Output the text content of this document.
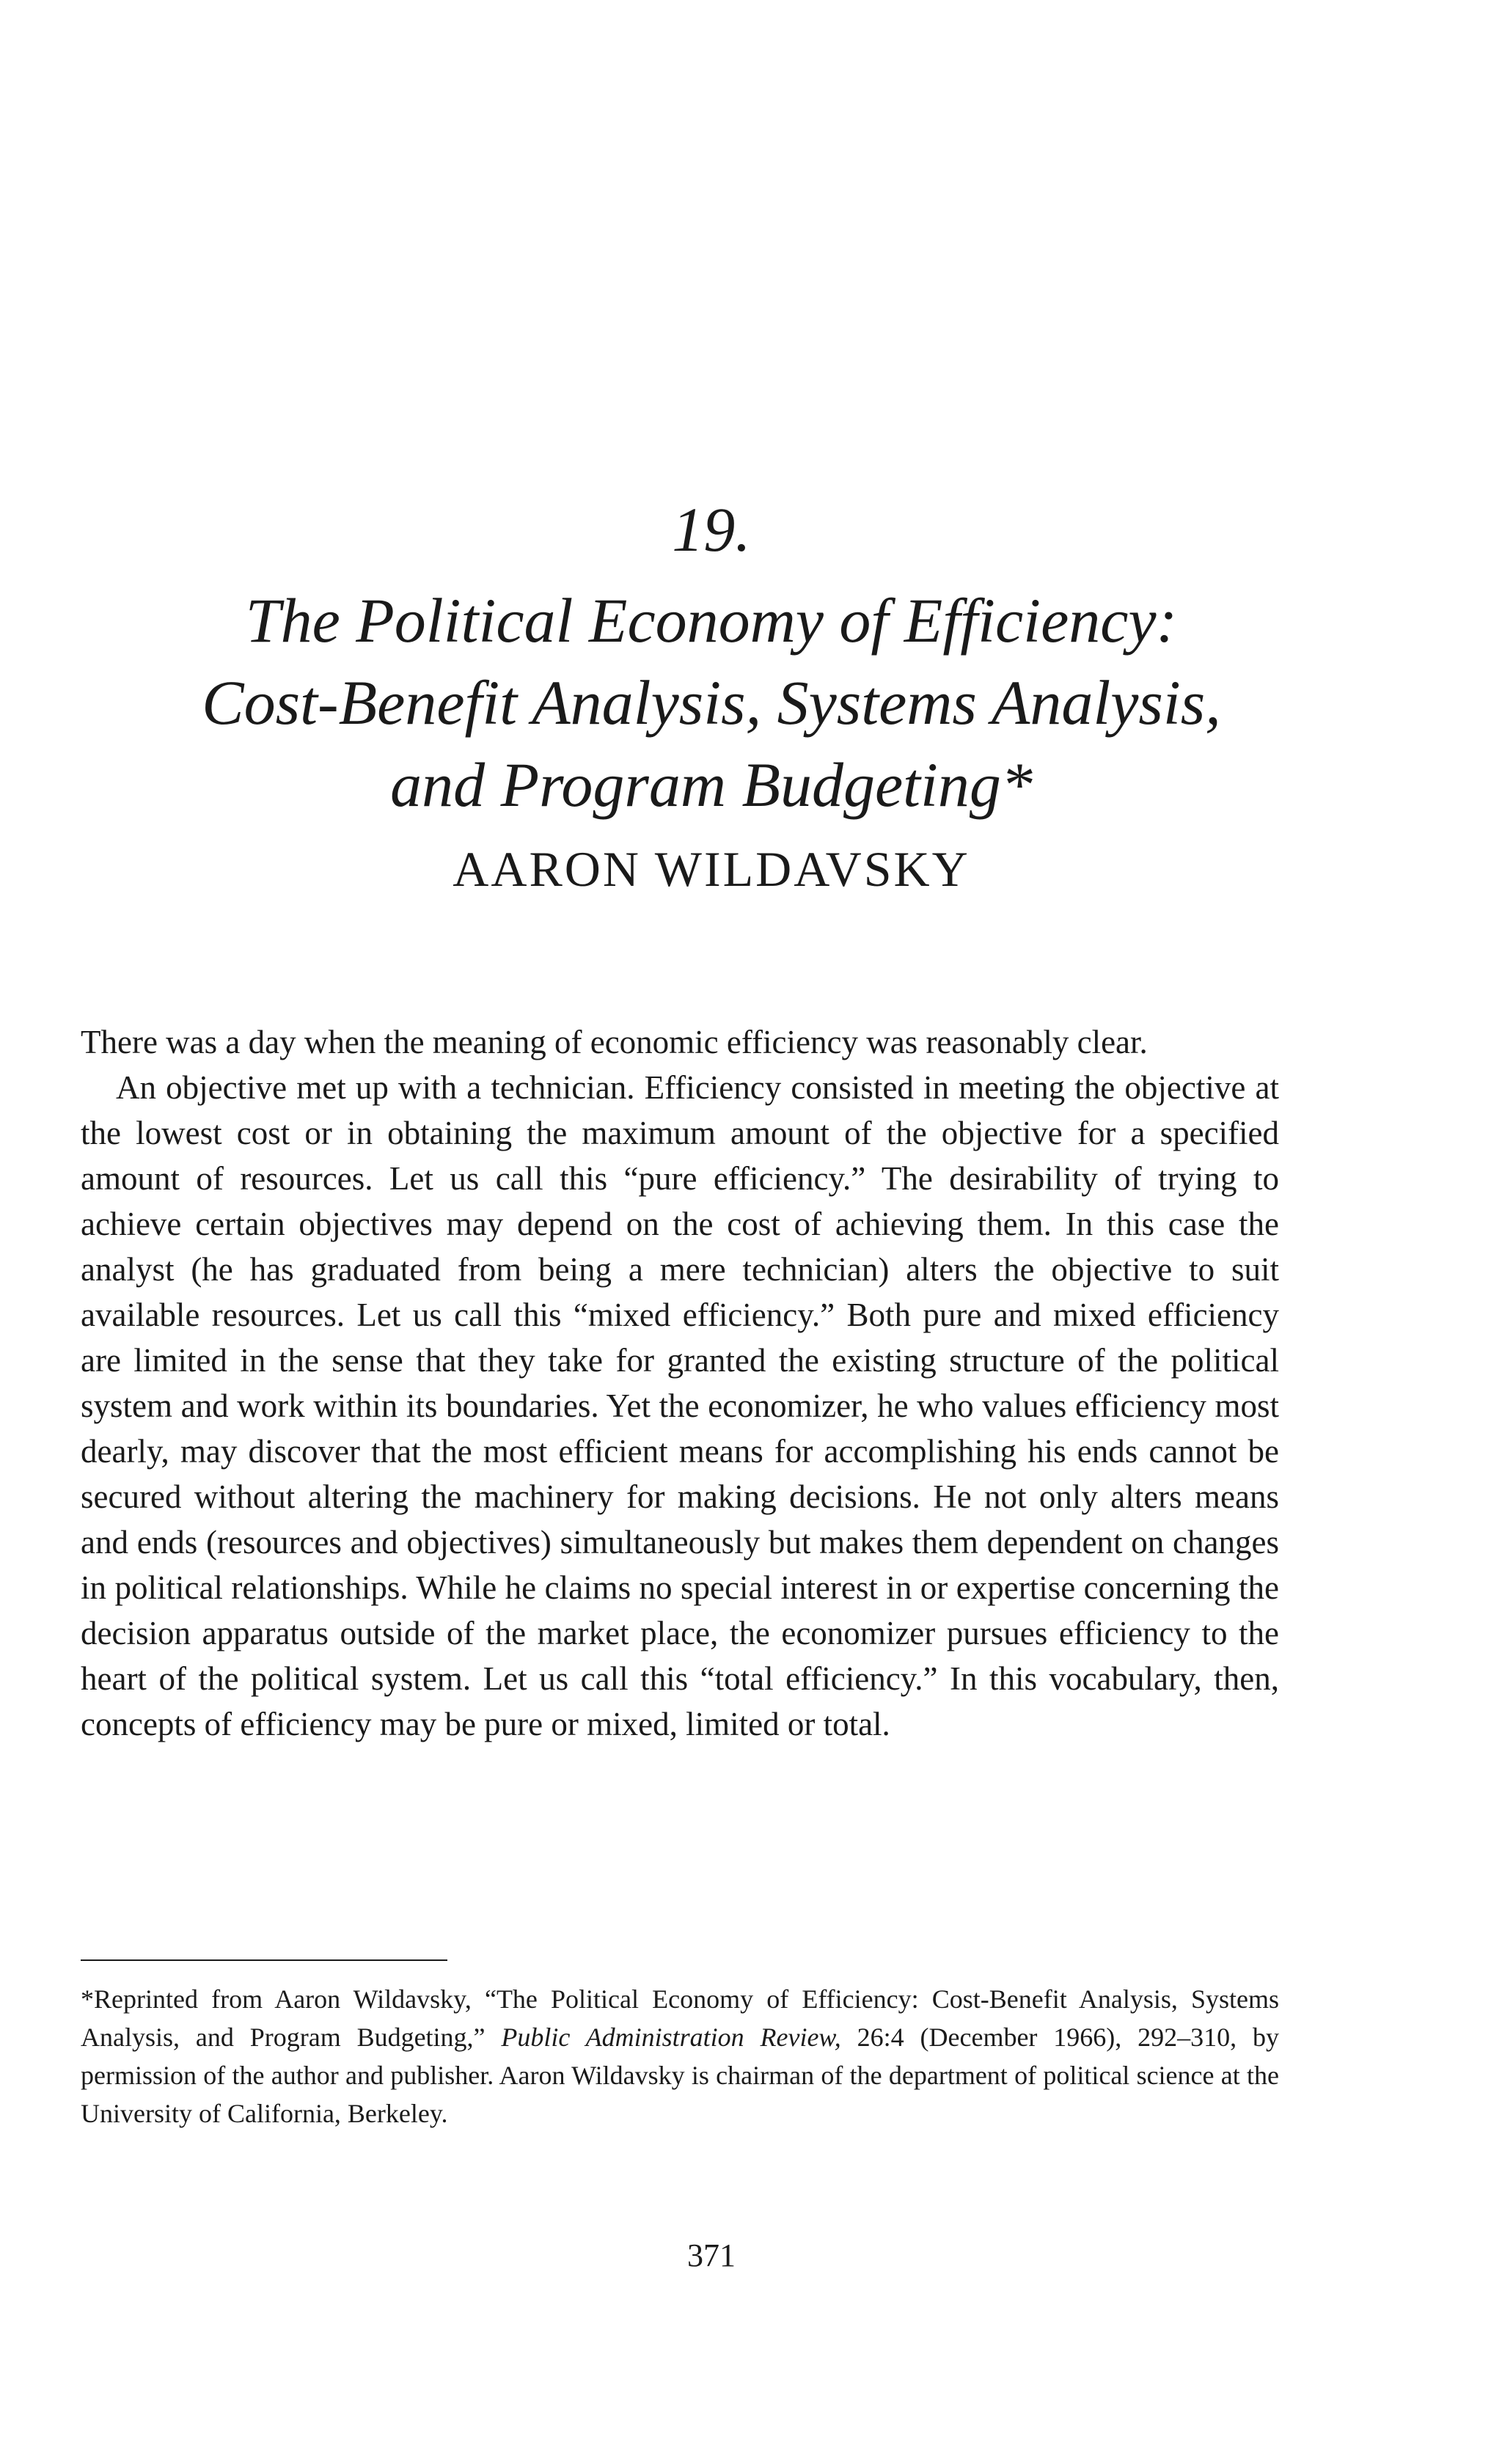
19.
The Political Economy of Efficiency:
Cost-Benefit Analysis, Systems Analysis,
and Program Budgeting*
AARON WILDAVSKY

There was a day when the meaning of economic efficiency was reasonably clear.

An objective met up with a technician. Efficiency consisted in meeting the objective at the lowest cost or in obtaining the maximum amount of the objective for a specified amount of resources. Let us call this “pure efficiency.” The desirability of trying to achieve certain objectives may depend on the cost of achieving them. In this case the analyst (he has graduated from being a mere technician) alters the objective to suit available resources. Let us call this “mixed efficiency.” Both pure and mixed efficiency are limited in the sense that they take for granted the existing structure of the political system and work within its boundaries. Yet the economizer, he who values efficiency most dearly, may discover that the most efficient means for accomplishing his ends cannot be secured without altering the machinery for making decisions. He not only alters means and ends (resources and objectives) simultaneously but makes them dependent on changes in political relationships. While he claims no special interest in or expertise concerning the decision apparatus outside of the market place, the economizer pursues efficiency to the heart of the political system. Let us call this “total efficiency.” In this vocabulary, then, concepts of efficiency may be pure or mixed, limited or total.

*Reprinted from Aaron Wildavsky, “The Political Economy of Efficiency: Cost-Benefit Analysis, Systems Analysis, and Program Budgeting,” Public Administration Review, 26:4 (December 1966), 292–310, by permission of the author and publisher. Aaron Wildavsky is chairman of the department of political science at the University of California, Berkeley.
371
